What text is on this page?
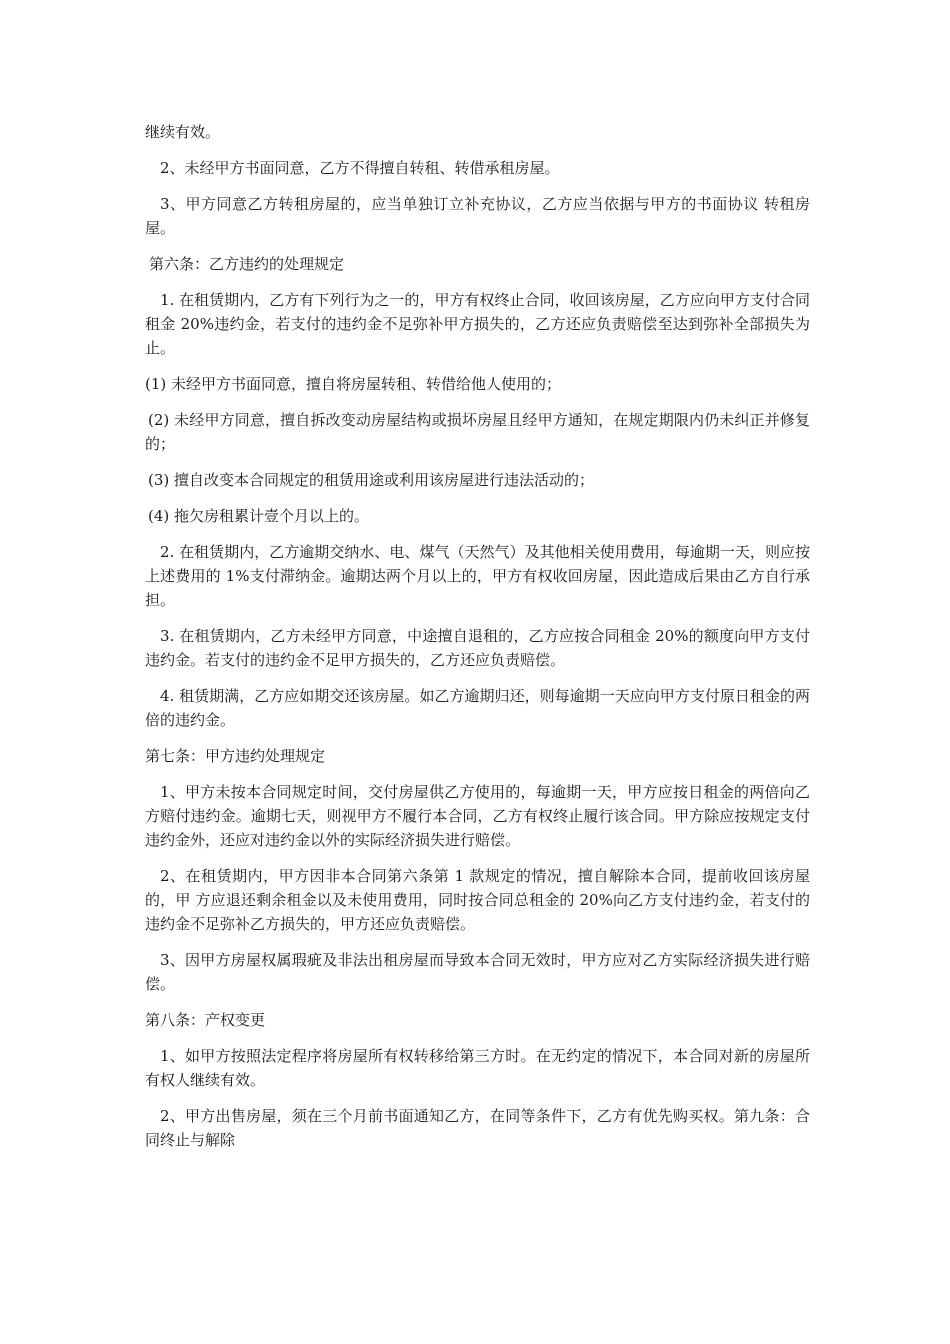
继续有效。

2、未经甲方书面同意，乙方不得擅自转租、转借承租房屋。

3、甲方同意乙方转租房屋的，应当单独订立补充协议，乙方应当依据与甲方的书面协议 转租房屋。

第六条：乙方违约的处理规定

1. 在租赁期内，乙方有下列行为之一的，甲方有权终止合同，收回该房屋，乙方应向甲方支付合同 租金 20%违约金，若支付的违约金不足弥补甲方损失的，乙方还应负责赔偿至达到弥补全部损失为止。

(1) 未经甲方书面同意，擅自将房屋转租、转借给他人使用的；

(2) 未经甲方同意，擅自拆改变动房屋结构或损坏房屋且经甲方通知，在规定期限内仍未纠正并修复的；

(3) 擅自改变本合同规定的租赁用途或利用该房屋进行违法活动的；

(4) 拖欠房租累计壹个月以上的。

2. 在租赁期内，乙方逾期交纳水、电、煤气（天然气）及其他相关使用费用，每逾期一天，则应按上述费用的 1%支付滞纳金。逾期达两个月以上的，甲方有权收回房屋，因此造成后果由乙方自行承担。

3. 在租赁期内，乙方未经甲方同意，中途擅自退租的，乙方应按合同租金 20%的额度向甲方支付违约金。若支付的违约金不足甲方损失的，乙方还应负责赔偿。

4. 租赁期满，乙方应如期交还该房屋。如乙方逾期归还，则每逾期一天应向甲方支付原日租金的两 倍的违约金。

第七条：甲方违约处理规定

1、甲方未按本合同规定时间，交付房屋供乙方使用的，每逾期一天，甲方应按日租金的两倍向乙方赔付违约金。逾期七天，则视甲方不履行本合同，乙方有权终止履行该合同。甲方除应按规定支付违约金外，还应对违约金以外的实际经济损失进行赔偿。

2、在租赁期内，甲方因非本合同第六条第 1 款规定的情况，擅自解除本合同，提前收回该房屋的，甲 方应退还剩余租金以及未使用费用，同时按合同总租金的 20%向乙方支付违约金，若支付的违约金不足弥补乙方损失的，甲方还应负责赔偿。

3、因甲方房屋权属瑕疵及非法出租房屋而导致本合同无效时，甲方应对乙方实际经济损失进行赔偿。

第八条：产权变更

1、如甲方按照法定程序将房屋所有权转移给第三方时。在无约定的情况下，本合同对新的房屋所有权人继续有效。

2、甲方出售房屋，须在三个月前书面通知乙方，在同等条件下，乙方有优先购买权。第九条：合同终止与解除
